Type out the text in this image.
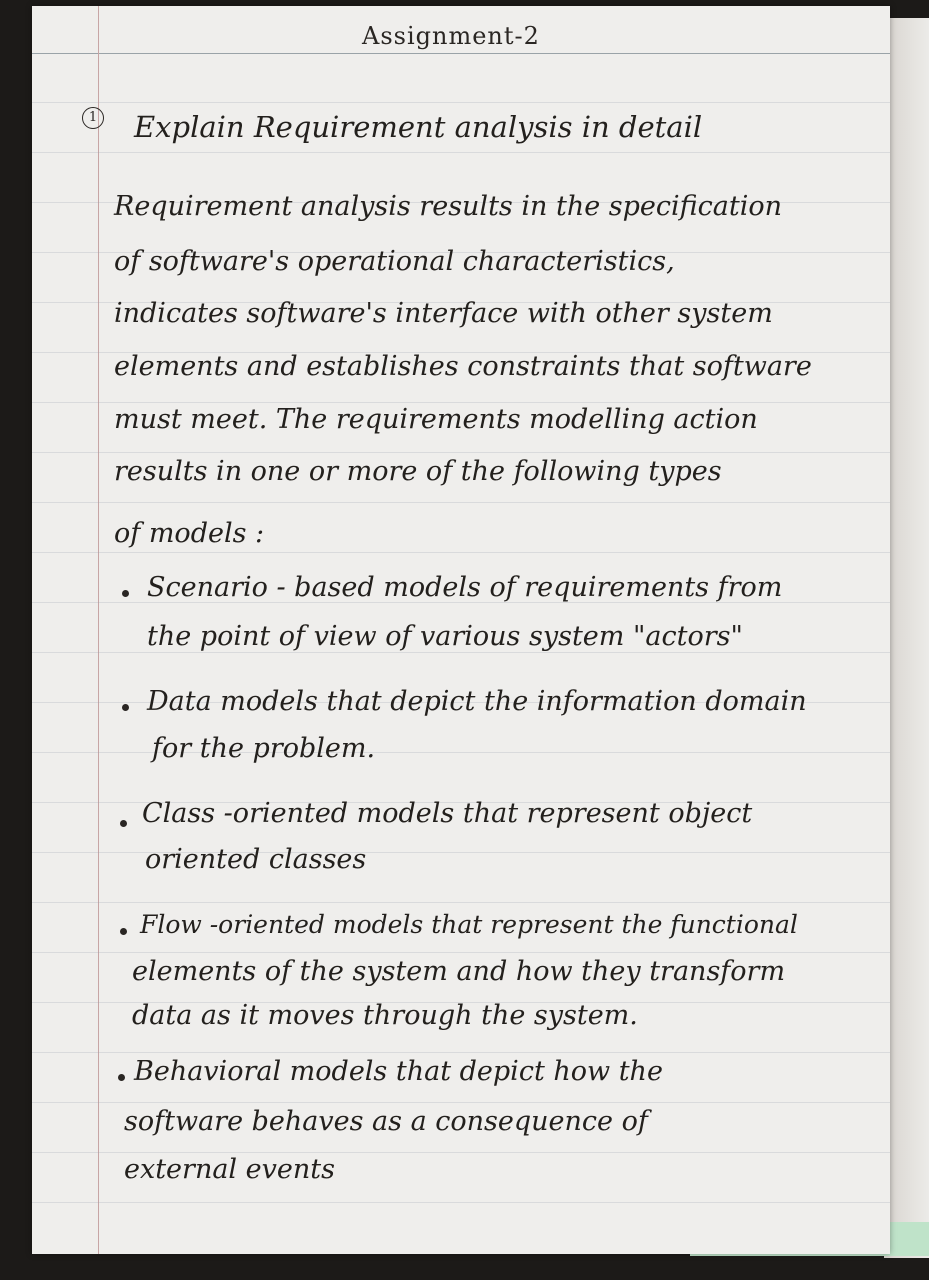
Assignment-2
1 Explain Requirement analysis in detail
Requirement analysis results in the specification
of software's operational characteristics,
indicates software's interface with other system
elements and establishes constraints that software
must meet. The requirements modelling action
results in one or more of the following types
of models :
Scenario - based models of requirements from
the point of view of various system "actors"
Data models that depict the information domain
for the problem.
Class -oriented models that represent object
oriented classes
Flow -oriented models that represent the functional
elements of the system and how they transform
data as it moves through the system.
Behavioral models that depict how the
software behaves as a consequence of
external events
